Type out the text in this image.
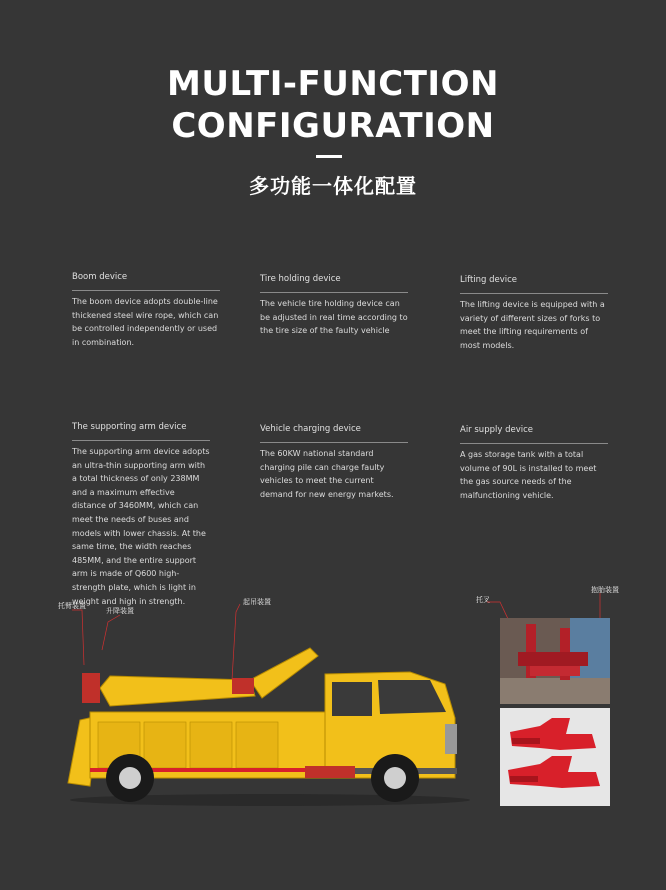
MULTI-FUNCTION
CONFIGURATION
多功能一体化配置
Boom device
The boom device adopts double-line thickened steel wire rope, which can be controlled independently or used in combination.
Tire holding device
The vehicle tire holding device can be adjusted in real time according to the tire size of the faulty vehicle
Lifting device
The lifting device is equipped with a variety of different sizes of forks to meet the lifting requirements of most models.
The supporting arm device
The supporting arm device adopts an ultra-thin supporting arm with a total thickness of only 238MM and a maximum effective distance of 3460MM, which can meet the needs of buses and models with lower chassis. At the same time, the width reaches 485MM, and the entire support arm is made of Q600 high-strength plate, which is light in weight and high in strength.
Vehicle charging device
The 60KW national standard charging pile can charge faulty vehicles to meet the current demand for new energy markets.
Air supply device
A gas storage tank with a total volume of 90L is installed to meet the gas source needs of the malfunctioning vehicle.
托臂装置
升降装置
起吊装置	托叉
抱胎装置
